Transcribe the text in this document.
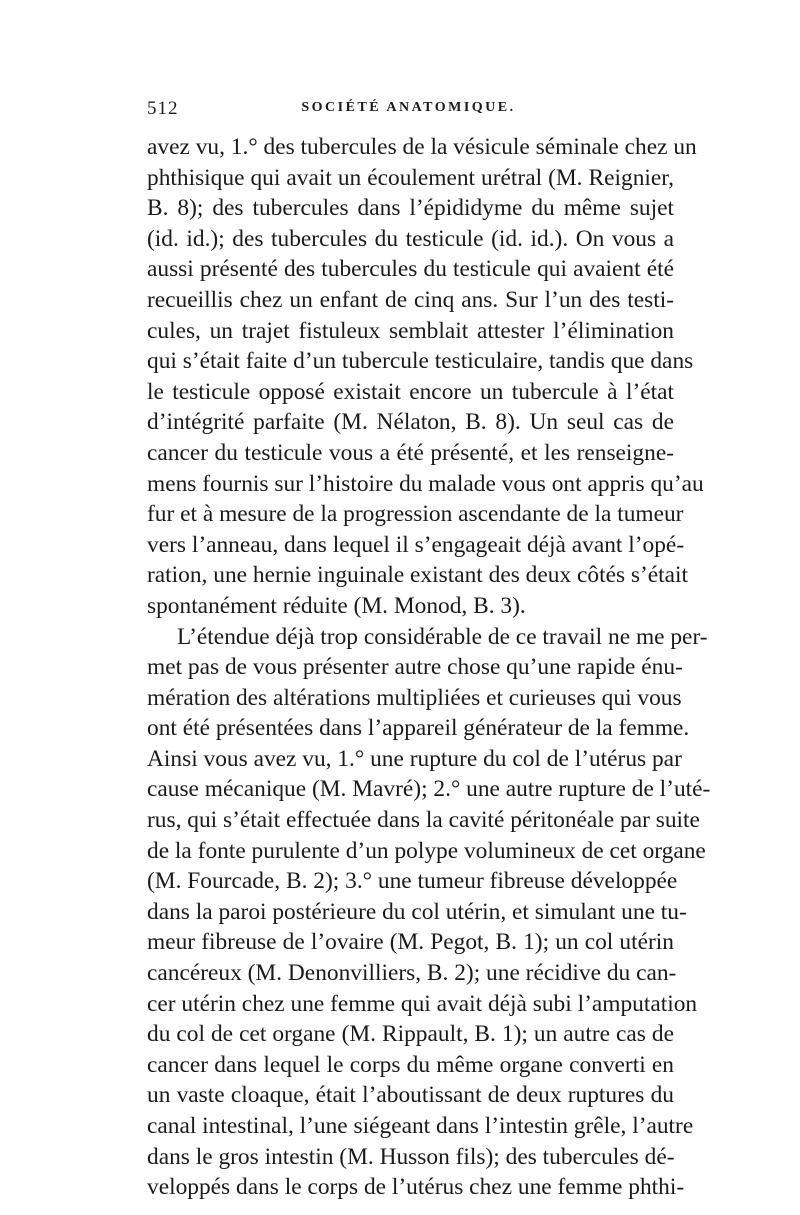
512	SOCIÉTÉ ANATOMIQUE.
avez vu, 1.° des tubercules de la vésicule séminale chez un
phthisique qui avait un écoulement urétral (M. Reignier,
B. 8); des tubercules dans l’épididyme du même sujet
(id. id.); des tubercules du testicule (id. id.). On vous a
aussi présenté des tubercules du testicule qui avaient été
recueillis chez un enfant de cinq ans. Sur l’un des testi-
cules, un trajet fistuleux semblait attester l’élimination
qui s’était faite d’un tubercule testiculaire, tandis que dans
le testicule opposé existait encore un tubercule à l’état
d’intégrité parfaite (M. Nélaton, B. 8). Un seul cas de
cancer du testicule vous a été présenté, et les renseigne-
mens fournis sur l’histoire du malade vous ont appris qu’au
fur et à mesure de la progression ascendante de la tumeur
vers l’anneau, dans lequel il s’engageait déjà avant l’opé-
ration, une hernie inguinale existant des deux côtés s’était
spontanément réduite (M. Monod, B. 3).
L’étendue déjà trop considérable de ce travail ne me per-
met pas de vous présenter autre chose qu’une rapide énu-
mération des altérations multipliées et curieuses qui vous
ont été présentées dans l’appareil générateur de la femme.
Ainsi vous avez vu, 1.° une rupture du col de l’utérus par
cause mécanique (M. Mavré); 2.° une autre rupture de l’uté-
rus, qui s’était effectuée dans la cavité péritonéale par suite
de la fonte purulente d’un polype volumineux de cet organe
(M. Fourcade, B. 2); 3.° une tumeur fibreuse développée
dans la paroi postérieure du col utérin, et simulant une tu-
meur fibreuse de l’ovaire (M. Pegot, B. 1); un col utérin
cancéreux (M. Denonvilliers, B. 2); une récidive du can-
cer utérin chez une femme qui avait déjà subi l’amputation
du col de cet organe (M. Rippault, B. 1); un autre cas de
cancer dans lequel le corps du même organe converti en
un vaste cloaque, était l’aboutissant de deux ruptures du
canal intestinal, l’une siégeant dans l’intestin grêle, l’autre
dans le gros intestin (M. Husson fils); des tubercules dé-
veloppés dans le corps de l’utérus chez une femme phthi-
